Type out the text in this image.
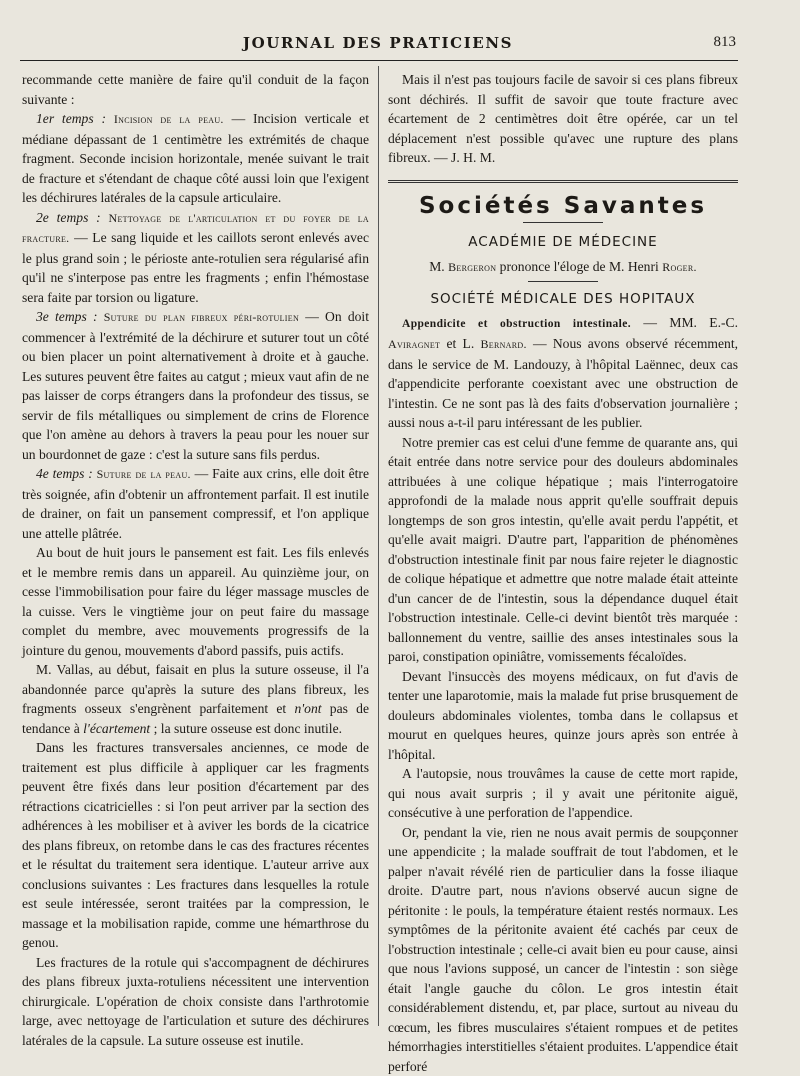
JOURNAL DES PRATICIENS	813

recommande cette manière de faire qu'il conduit de la façon suivante :

1er temps : Incision de la peau. — Incision verticale et médiane dépassant de 1 centimètre les extrémités de chaque fragment. Seconde incision horizontale, menée suivant le trait de fracture et s'étendant de chaque côté aussi loin que l'exigent les déchirures latérales de la capsule articulaire.

2e temps : Nettoyage de l'articulation et du foyer de la fracture. — Le sang liquide et les caillots seront enlevés avec le plus grand soin ; le périoste ante-rotulien sera régularisé afin qu'il ne s'interpose pas entre les fragments ; enfin l'hémostase sera faite par torsion ou ligature.

3e temps : Suture du plan fibreux péri-rotulien — On doit commencer à l'extrémité de la déchirure et suturer tout un côté ou bien placer un point alternativement à droite et à gauche. Les sutures peuvent être faites au catgut ; mieux vaut afin de ne pas laisser de corps étrangers dans la profondeur des tissus, se servir de fils métalliques ou simplement de crins de Florence que l'on amène au dehors à travers la peau pour les nouer sur un bourdonnet de gaze : c'est la suture sans fils perdus.

4e temps : Suture de la peau. — Faite aux crins, elle doit être très soignée, afin d'obtenir un affrontement parfait. Il est inutile de drainer, on fait un pansement compressif, et l'on applique une attelle plâtrée.

Au bout de huit jours le pansement est fait. Les fils enlevés et le membre remis dans un appareil. Au quinzième jour, on cesse l'immobilisation pour faire du léger massage muscles de la cuisse. Vers le vingtième jour on peut faire du massage complet du membre, avec mouvements progressifs de la jointure du genou, mouvements d'abord passifs, puis actifs.

M. Vallas, au début, faisait en plus la suture osseuse, il l'a abandonnée parce qu'après la suture des plans fibreux, les fragments osseux s'engrènent parfaitement et n'ont pas de tendance à l'écartement ; la suture osseuse est donc inutile.

Dans les fractures transversales anciennes, ce mode de traitement est plus difficile à appliquer car les fragments peuvent être fixés dans leur position d'écartement par des rétractions cicatricielles : si l'on peut arriver par la section des adhérences à les mobiliser et à aviver les bords de la cicatrice des plans fibreux, on retombe dans le cas des fractures récentes et le résultat du traitement sera identique. L'auteur arrive aux conclusions suivantes : Les fractures dans lesquelles la rotule est seule intéressée, seront traitées par la compression, le massage et la mobilisation rapide, comme une hémarthrose du genou.

Les fractures de la rotule qui s'accompagnent de déchirures des plans fibreux juxta-rotuliens nécessitent une intervention chirurgicale. L'opération de choix consiste dans l'arthrotomie large, avec nettoyage de l'articulation et suture des déchirures latérales de la capsule. La suture osseuse est inutile.

Mais il n'est pas toujours facile de savoir si ces plans fibreux sont déchirés. Il suffit de savoir que toute fracture avec écartement de 2 centimètres doit être opérée, car un tel déplacement n'est possible qu'avec une rupture des plans fibreux. — J. H. M.

Sociétés Savantes
ACADÉMIE DE MÉDECINE

M. Bergeron prononce l'éloge de M. Henri Roger.

SOCIÉTÉ MÉDICALE DES HOPITAUX

Appendicite et obstruction intestinale. — MM. E.-C. Aviragnet et L. Bernard. — Nous avons observé récemment, dans le service de M. Landouzy, à l'hôpital Laënnec, deux cas d'appendicite perforante coexistant avec une obstruction de l'intestin. Ce ne sont pas là des faits d'observation journalière ; aussi nous a-t-il paru intéressant de les publier.

Notre premier cas est celui d'une femme de quarante ans, qui était entrée dans notre service pour des douleurs abdominales attribuées à une colique hépatique ; mais l'interrogatoire approfondi de la malade nous apprit qu'elle souffrait depuis longtemps de son gros intestin, qu'elle avait perdu l'appétit, et qu'elle avait maigri. D'autre part, l'apparition de phénomènes d'obstruction intestinale finit par nous faire rejeter le diagnostic de colique hépatique et admettre que notre malade était atteinte d'un cancer de de l'intestin, sous la dépendance duquel était l'obstruction intestinale. Celle-ci devint bientôt très marquée : ballonnement du ventre, saillie des anses intestinales sous la paroi, constipation opiniâtre, vomissements fécaloïdes.

Devant l'insuccès des moyens médicaux, on fut d'avis de tenter une laparotomie, mais la malade fut prise brusquement de douleurs abdominales violentes, tomba dans le collapsus et mourut en quelques heures, quinze jours après son entrée à l'hôpital.

A l'autopsie, nous trouvâmes la cause de cette mort rapide, qui nous avait surpris ; il y avait une péritonite aiguë, consécutive à une perforation de l'appendice.

Or, pendant la vie, rien ne nous avait permis de soupçonner une appendicite ; la malade souffrait de tout l'abdomen, et le palper n'avait révélé rien de particulier dans la fosse iliaque droite. D'autre part, nous n'avions observé aucun signe de péritonite : le pouls, la température étaient restés normaux. Les symptômes de la péritonite avaient été cachés par ceux de l'obstruction intestinale ; celle-ci avait bien eu pour cause, ainsi que nous l'avions supposé, un cancer de l'intestin : son siège était l'angle gauche du côlon. Le gros intestin était considérablement distendu, et, par place, surtout au niveau du cœcum, les fibres musculaires s'étaient rompues et de petites hémorrhagies interstitielles s'étaient produites. L'appendice était perforé
